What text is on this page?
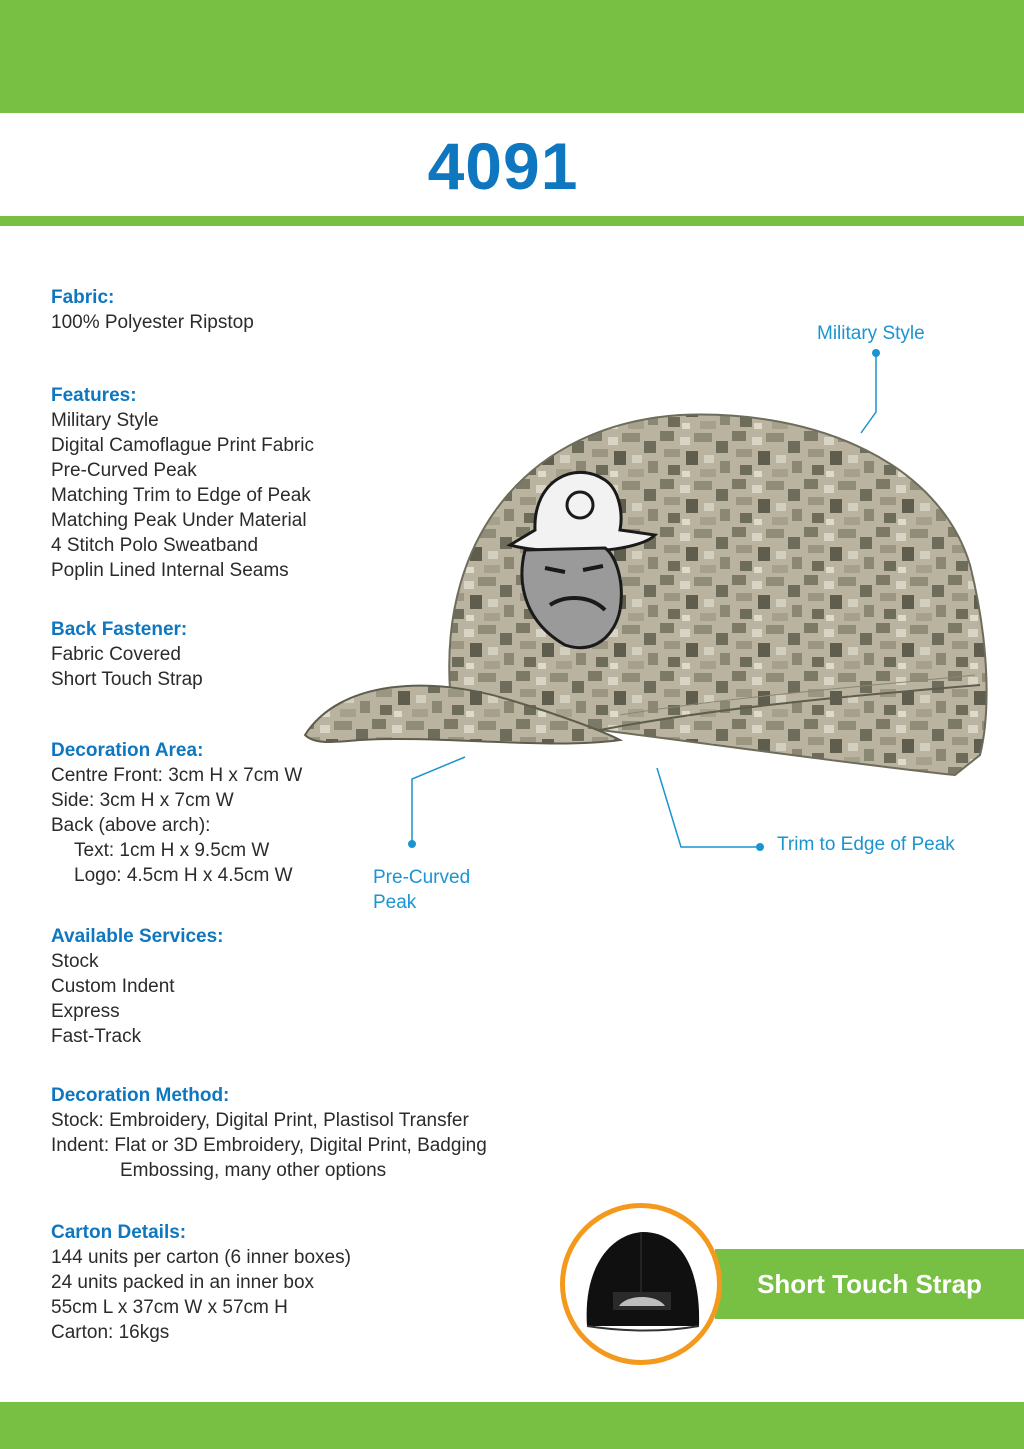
4091
Fabric:
100% Polyester Ripstop
Features:
Military Style
Digital Camoflague Print Fabric
Pre-Curved Peak
Matching Trim to Edge of Peak
Matching Peak Under Material
4 Stitch Polo Sweatband
Poplin Lined Internal Seams
Back Fastener:
Fabric Covered
Short Touch Strap
Decoration Area:
Centre Front: 3cm H x 7cm W
Side: 3cm H x 7cm W
Back (above arch):
Text: 1cm H x 9.5cm W
Logo: 4.5cm H x 4.5cm W
Available Services:
Stock
Custom Indent
Express
Fast-Track
Decoration Method:
Stock: Embroidery, Digital Print, Plastisol Transfer
Indent: Flat or 3D Embroidery, Digital Print, Badging
Embossing, many other options
Carton Details:
144 units per carton (6 inner boxes)
24 units packed in an inner box
55cm L x 37cm W x 57cm H
Carton: 16kgs
Military Style
Pre-Curved
Peak
Trim to Edge of Peak
Short Touch Strap
